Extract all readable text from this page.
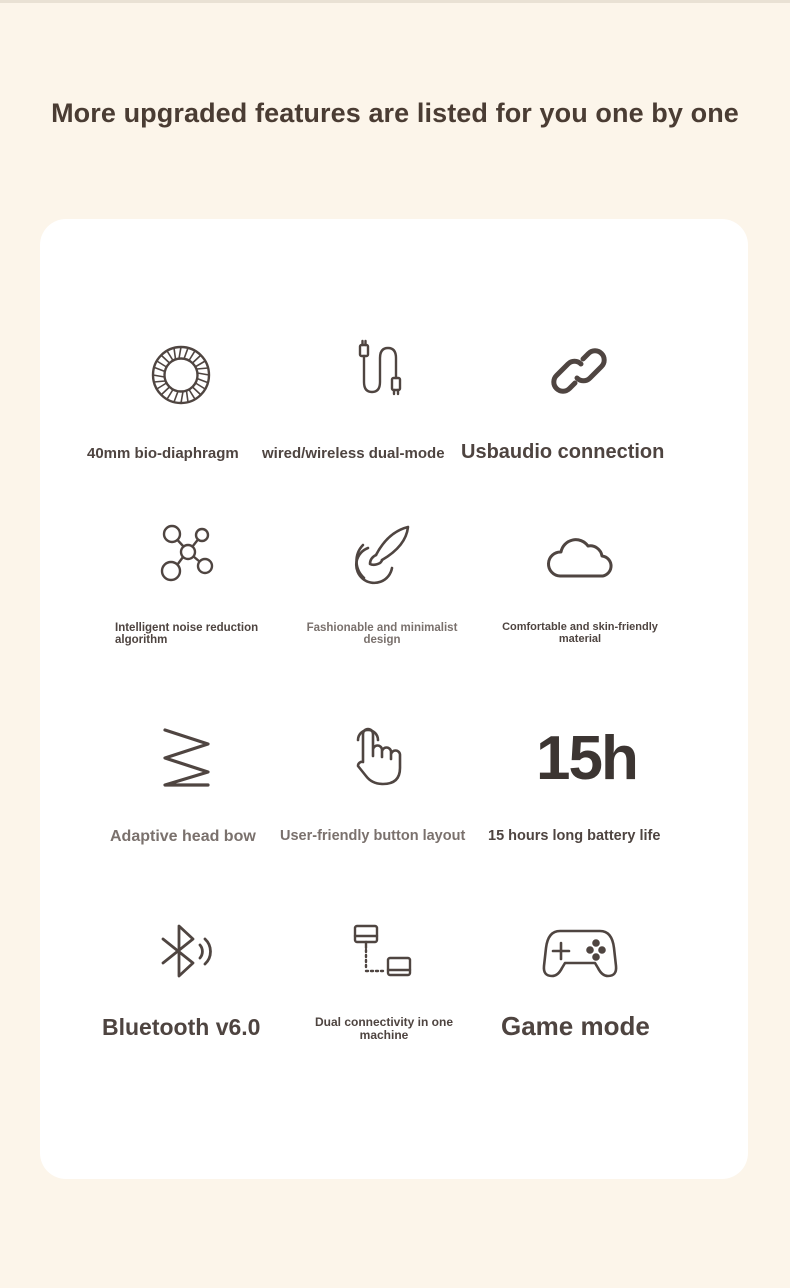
More upgraded features are listed for you one by one
40mm bio-diaphragm wired/wireless dual-mode Usbaudio connection
Intelligent noise reduction algorithm
Fashionable and minimalist design
Comfortable and skin-friendly material
15h
Adaptive head bow User-friendly button layout 15 hours long battery life
Bluetooth v6.0	Dual connectivity in one machine	Game mode
